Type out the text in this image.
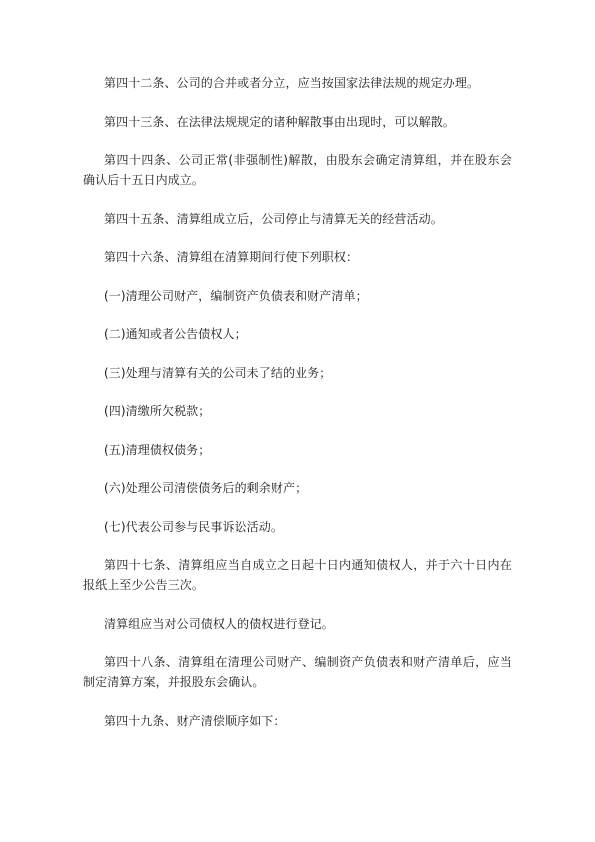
第四十二条、公司的合并或者分立，应当按国家法律法规的规定办理。

第四十三条、在法律法规规定的诸种解散事由出现时，可以解散。

第四十四条、公司正常(非强制性)解散，由股东会确定清算组，并在股东会确认后十五日内成立。

第四十五条、清算组成立后，公司停止与清算无关的经营活动。

第四十六条、清算组在清算期间行使下列职权：

(一)清理公司财产，编制资产负债表和财产清单；

(二)通知或者公告债权人；

(三)处理与清算有关的公司未了结的业务；

(四)清缴所欠税款；

(五)清理债权债务；

(六)处理公司清偿债务后的剩余财产；

(七)代表公司参与民事诉讼活动。

第四十七条、清算组应当自成立之日起十日内通知债权人，并于六十日内在报纸上至少公告三次。

清算组应当对公司债权人的债权进行登记。

第四十八条、清算组在清理公司财产、编制资产负债表和财产清单后，应当制定清算方案，并报股东会确认。

第四十九条、财产清偿顺序如下：
